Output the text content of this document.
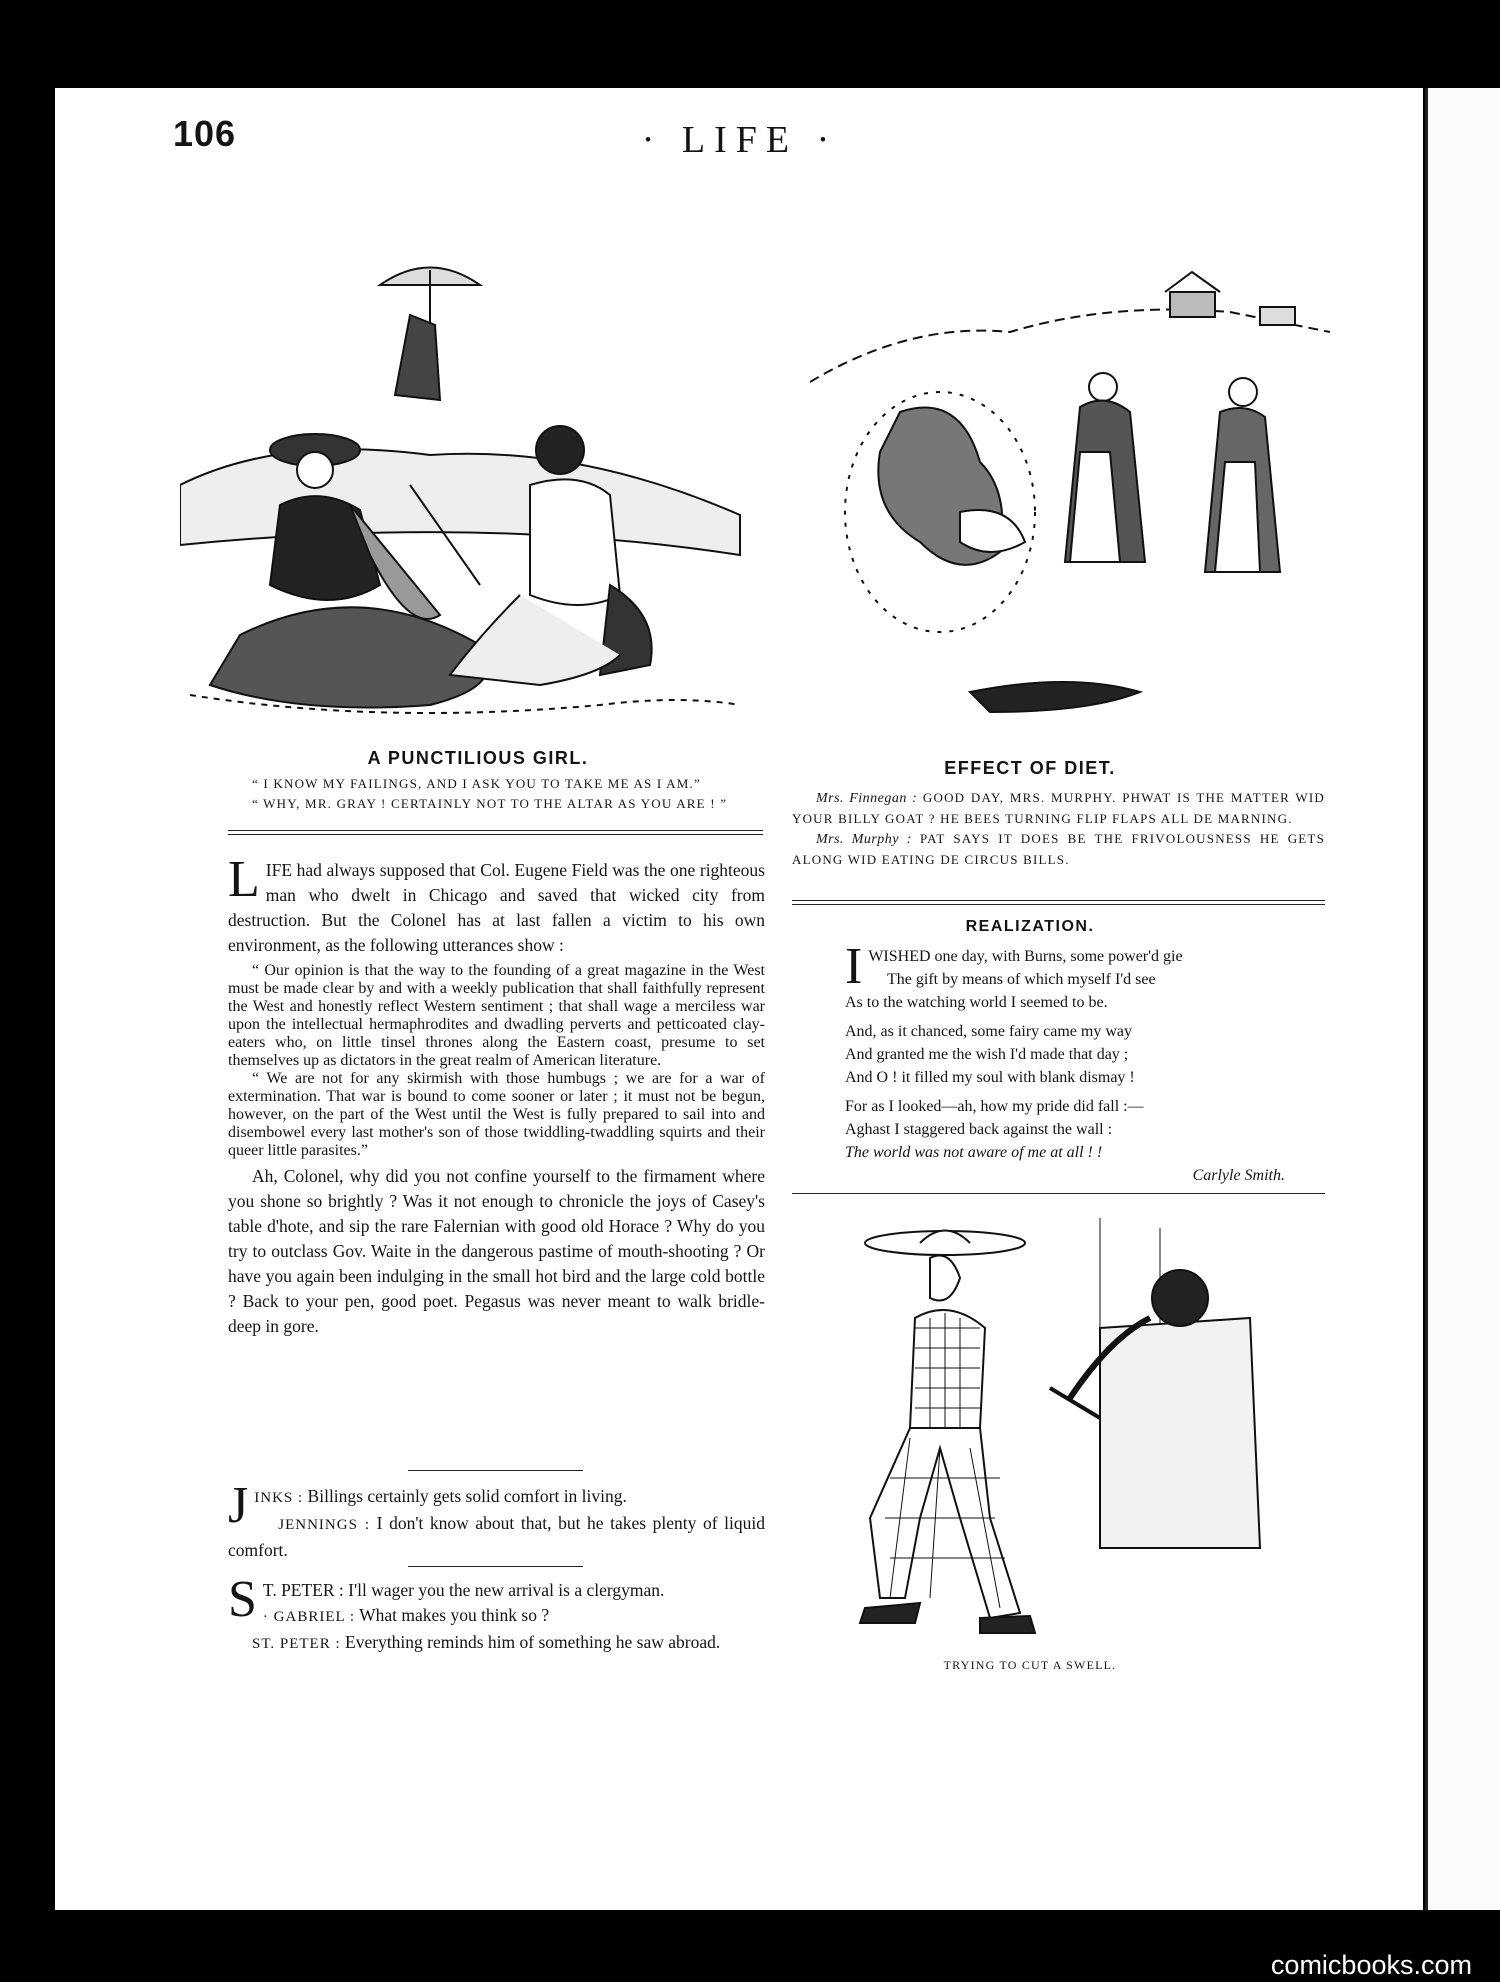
106	· LIFE ·
A PUNCTILIOUS GIRL.

“ I KNOW MY FAILINGS, AND I ASK YOU TO TAKE ME AS I AM.”

“ WHY, MR. GRAY ! CERTAINLY NOT TO THE ALTAR AS YOU ARE ! ”

LIFE had always supposed that Col. Eugene Field was the one righteous man who dwelt in Chicago and saved that wicked city from destruction. But the Colonel has at last fallen a victim to his own environment, as the following utterances show :

“ Our opinion is that the way to the founding of a great magazine in the West must be made clear by and with a weekly publication that shall faithfully represent the West and honestly reflect Western sentiment ; that shall wage a merciless war upon the intellectual hermaphrodites and dwadling perverts and petticoated clay-eaters who, on little tinsel thrones along the Eastern coast, presume to set themselves up as dictators in the great realm of American literature.

“ We are not for any skirmish with those humbugs ; we are for a war of extermination. That war is bound to come sooner or later ; it must not be begun, however, on the part of the West until the West is fully prepared to sail into and disembowel every last mother's son of those twiddling-twaddling squirts and their queer little parasites.”

Ah, Colonel, why did you not confine yourself to the firmament where you shone so brightly ? Was it not enough to chronicle the joys of Casey's table d'hote, and sip the rare Falernian with good old Horace ? Why do you try to outclass Gov. Waite in the dangerous pastime of mouth-shooting ? Or have you again been indulging in the small hot bird and the large cold bottle ? Back to your pen, good poet. Pegasus was never meant to walk bridle-deep in gore.

JINKS : Billings certainly gets solid comfort in living.

JENNINGS : I don't know about that, but he takes plenty of liquid comfort.

S T. PETER : I'll wager you the new arrival is a clergyman.

· GABRIEL : What makes you think so ?

ST. PETER : Everything reminds him of something he saw abroad.

EFFECT OF DIET.

Mrs. Finnegan : GOOD DAY, MRS. MURPHY. PHWAT IS THE MATTER WID YOUR BILLY GOAT ? HE BEES TURNING FLIP FLAPS ALL DE MARNING.

Mrs. Murphy : PAT SAYS IT DOES BE THE FRIVOLOUSNESS HE GETS ALONG WID EATING DE CIRCUS BILLS.

REALIZATION.

IWISHED one day, with Burns, some power'd gie

The gift by means of which myself I'd see

As to the watching world I seemed to be.

And, as it chanced, some fairy came my way

And granted me the wish I'd made that day ;

And O ! it filled my soul with blank dismay !

For as I looked—ah, how my pride did fall :—

Aghast I staggered back against the wall :

The world was not aware of me at all ! !

Carlyle Smith.

TRYING TO CUT A SWELL.
comicbooks.com
